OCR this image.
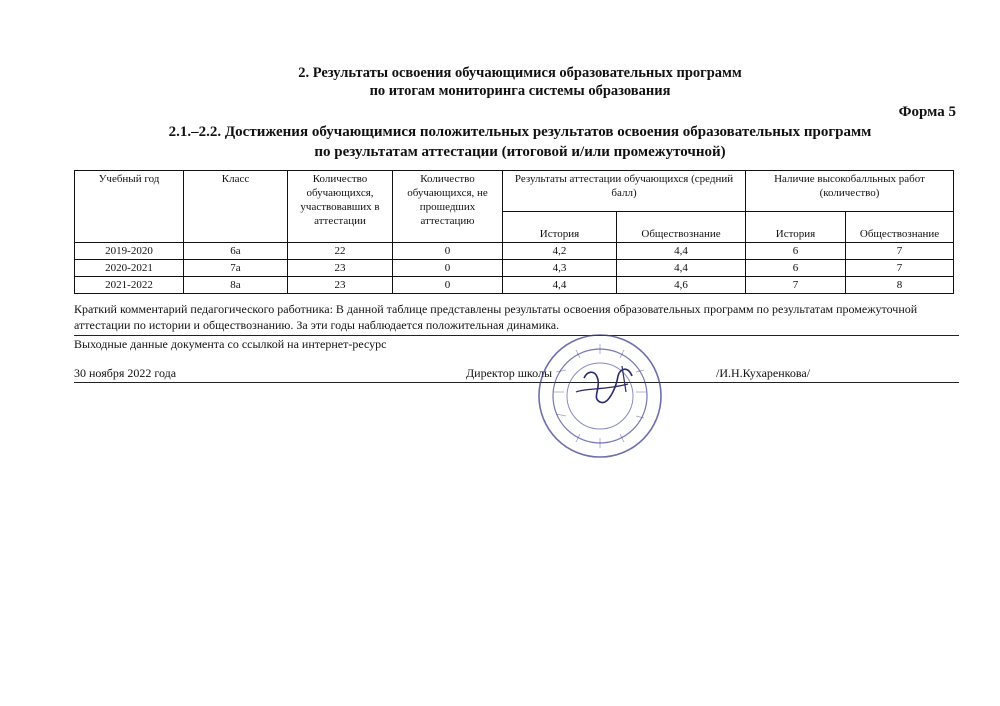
2. Результаты освоения обучающимися образовательных программ
по итогам мониторинга системы образования
Форма 5
2.1.–2.2. Достижения обучающимися положительных результатов освоения образовательных программ
по результатам аттестации (итоговой и/или промежуточной)
Учебный год	Класс	Количество обучающихся, участвовавших в аттестации	Количество обучающихся, не прошедших аттестацию	Результаты аттестации обучающихся (средний балл)		Наличие высокобалльных работ (количество)	
				История	Обществознание	История	Обществознание
2019-2020	6а	22	0	4,2	4,4	6	7
2020-2021	7а	23	0	4,3	4,4	6	7
2021-2022	8а	23	0	4,4	4,6	7	8
Краткий комментарий педагогического работника: В данной таблице представлены результаты освоения образовательных программ по результатам промежуточной аттестации по истории и обществознанию. За эти годы наблюдается положительная динамика.
Выходные данные документа со ссылкой на интернет-ресурс
30 ноября 2022 года	Директор школы	/И.Н.Кухаренкова/
